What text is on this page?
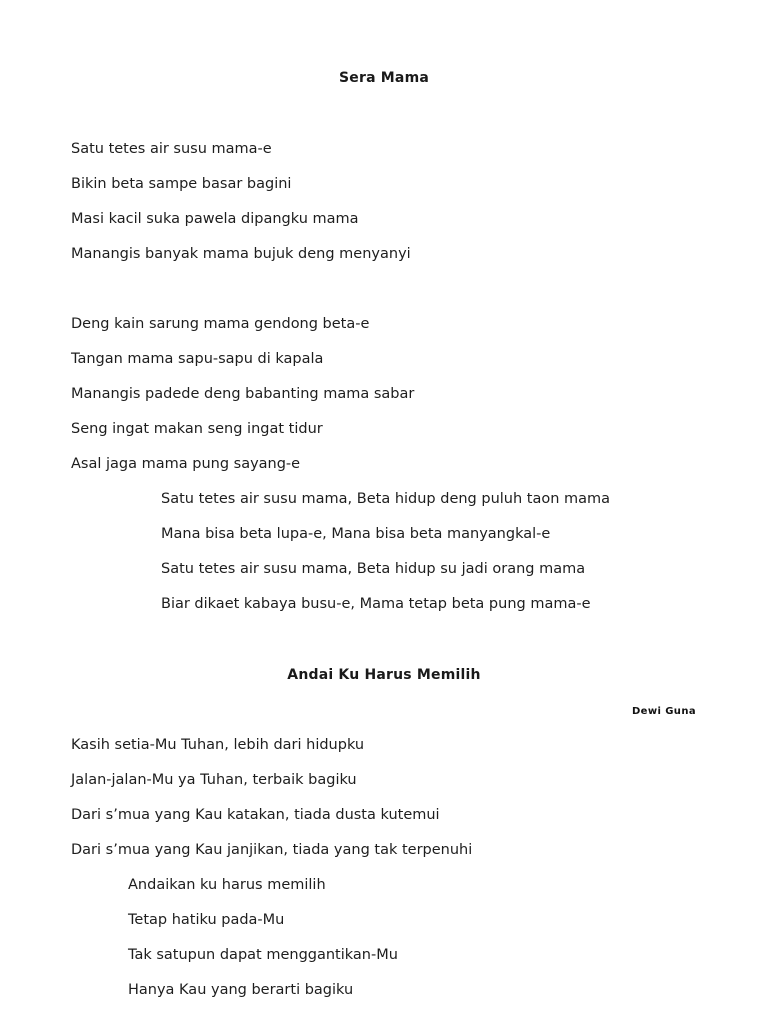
Sera Mama
Satu tetes air susu mama-e
Bikin beta sampe basar bagini
Masi kacil suka pawela dipangku mama
Manangis banyak mama bujuk deng menyanyi
Deng kain sarung mama gendong beta-e
Tangan mama sapu-sapu di kapala
Manangis padede deng babanting mama sabar
Seng ingat makan seng ingat tidur
Asal jaga mama pung sayang-e
Satu tetes air susu mama, Beta hidup deng puluh taon mama
Mana bisa beta lupa-e, Mana bisa beta manyangkal-e
Satu tetes air susu mama, Beta hidup su jadi orang mama
Biar dikaet kabaya busu-e, Mama tetap beta pung mama-e
Andai Ku Harus Memilih
Dewi Guna
Kasih setia-Mu Tuhan, lebih dari hidupku
Jalan-jalan-Mu ya Tuhan, terbaik bagiku
Dari s’mua yang Kau katakan, tiada dusta kutemui
Dari s’mua yang Kau janjikan, tiada yang tak terpenuhi
Andaikan ku harus memilih
Tetap hatiku pada-Mu
Tak satupun dapat menggantikan-Mu
Hanya Kau yang berarti bagiku
